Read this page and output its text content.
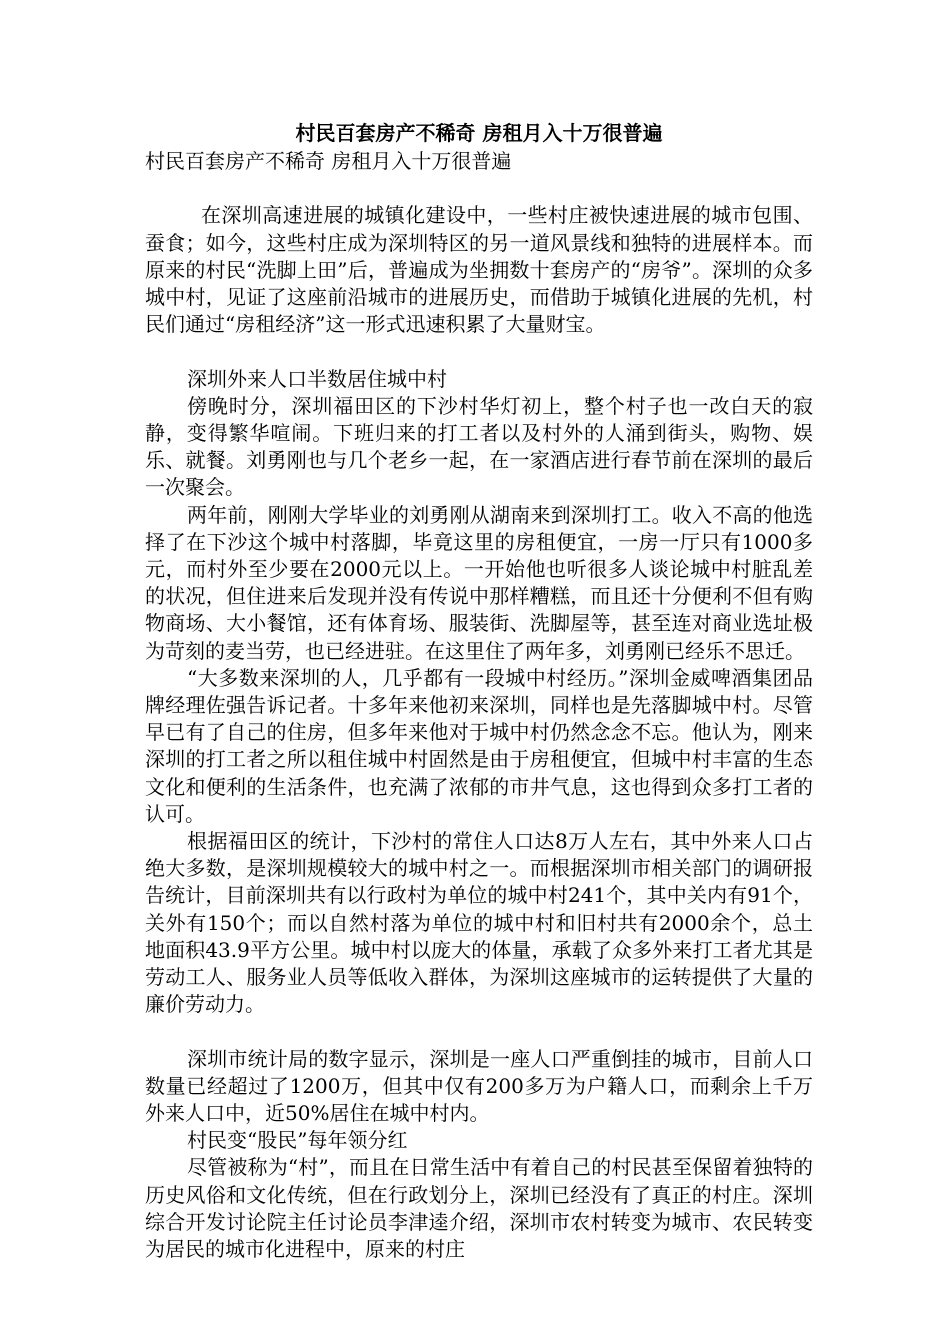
村民百套房产不稀奇 房租月入十万很普遍
村民百套房产不稀奇 房租月入十万很普遍

在深圳高速进展的城镇化建设中，一些村庄被快速进展的城市包围、蚕食；如今，这些村庄成为深圳特区的另一道风景线和独特的进展样本。而原来的村民“洗脚上田”后，普遍成为坐拥数十套房产的“房爷”。深圳的众多城中村，见证了这座前沿城市的进展历史，而借助于城镇化进展的先机，村民们通过“房租经济”这一形式迅速积累了大量财宝。

深圳外来人口半数居住城中村

傍晚时分，深圳福田区的下沙村华灯初上，整个村子也一改白天的寂静，变得繁华喧闹。下班归来的打工者以及村外的人涌到街头，购物、娱乐、就餐。刘勇刚也与几个老乡一起，在一家酒店进行春节前在深圳的最后一次聚会。

两年前，刚刚大学毕业的刘勇刚从湖南来到深圳打工。收入不高的他选择了在下沙这个城中村落脚，毕竟这里的房租便宜，一房一厅只有1000多元，而村外至少要在2000元以上。一开始他也听很多人谈论城中村脏乱差的状况，但住进来后发现并没有传说中那样糟糕，而且还十分便利不但有购物商场、大小餐馆，还有体育场、服装街、洗脚屋等，甚至连对商业选址极为苛刻的麦当劳，也已经进驻。在这里住了两年多，刘勇刚已经乐不思迁。

“大多数来深圳的人，几乎都有一段城中村经历。”深圳金威啤酒集团品牌经理佐强告诉记者。十多年来他初来深圳，同样也是先落脚城中村。尽管早已有了自己的住房，但多年来他对于城中村仍然念念不忘。他认为，刚来深圳的打工者之所以租住城中村固然是由于房租便宜，但城中村丰富的生态文化和便利的生活条件，也充满了浓郁的市井气息，这也得到众多打工者的认可。

根据福田区的统计，下沙村的常住人口达8万人左右，其中外来人口占绝大多数，是深圳规模较大的城中村之一。而根据深圳市相关部门的调研报告统计，目前深圳共有以行政村为单位的城中村241个，其中关内有91个，关外有150个；而以自然村落为单位的城中村和旧村共有2000余个，总土地面积43.9平方公里。城中村以庞大的体量，承载了众多外来打工者尤其是劳动工人、服务业人员等低收入群体，为深圳这座城市的运转提供了大量的廉价劳动力。

深圳市统计局的数字显示，深圳是一座人口严重倒挂的城市，目前人口数量已经超过了1200万，但其中仅有200多万为户籍人口，而剩余上千万外来人口中，近50%居住在城中村内。

村民变“股民”每年领分红

尽管被称为“村”，而且在日常生活中有着自己的村民甚至保留着独特的历史风俗和文化传统，但在行政划分上，深圳已经没有了真正的村庄。深圳综合开发讨论院主任讨论员李津逵介绍，深圳市农村转变为城市、农民转变为居民的城市化进程中，原来的村庄
